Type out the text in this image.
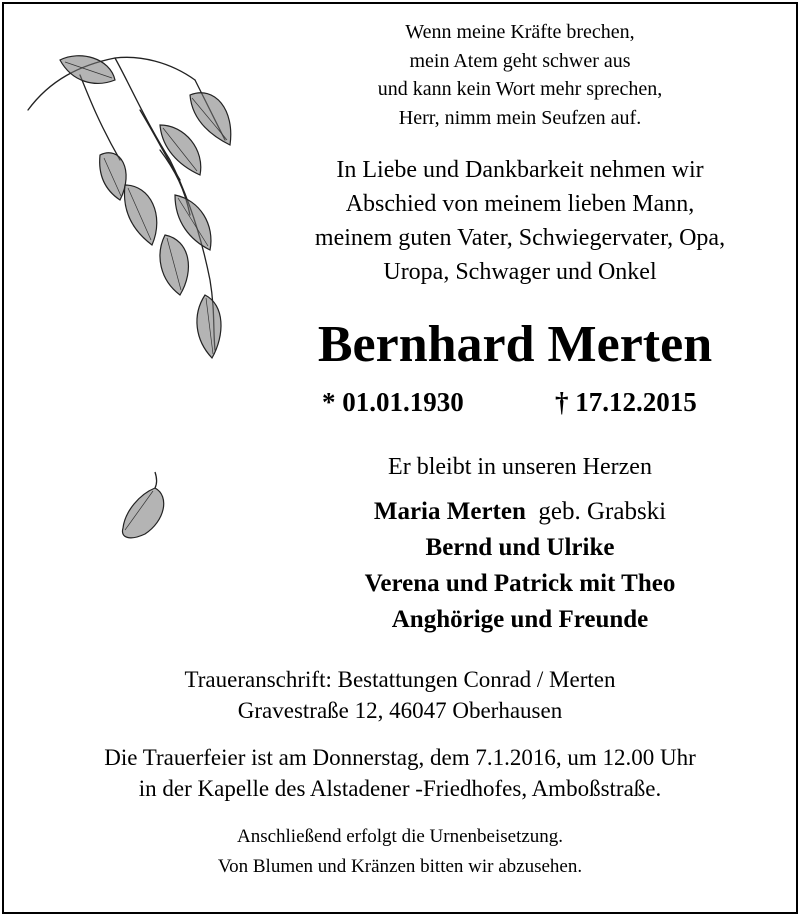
Wenn meine Kräfte brechen,
mein Atem geht schwer aus
und kann kein Wort mehr sprechen,
Herr, nimm mein Seufzen auf.
In Liebe und Dankbarkeit nehmen wir
Abschied von meinem lieben Mann,
meinem guten Vater, Schwiegervater, Opa,
Uropa, Schwager und Onkel
Bernhard Merten
* 01.01.1930	† 17.12.2015
Er bleibt in unseren Herzen
Maria Merten geb. Grabski
Bernd und Ulrike
Verena und Patrick mit Theo
Anghörige und Freunde
Traueranschrift: Bestattungen Conrad / Merten
Gravestraße 12, 46047 Oberhausen
Die Trauerfeier ist am Donnerstag, dem 7.1.2016, um 12.00 Uhr
in der Kapelle des Alstadener -Friedhofes, Amboßstraße.
Anschließend erfolgt die Urnenbeisetzung.
Von Blumen und Kränzen bitten wir abzusehen.
